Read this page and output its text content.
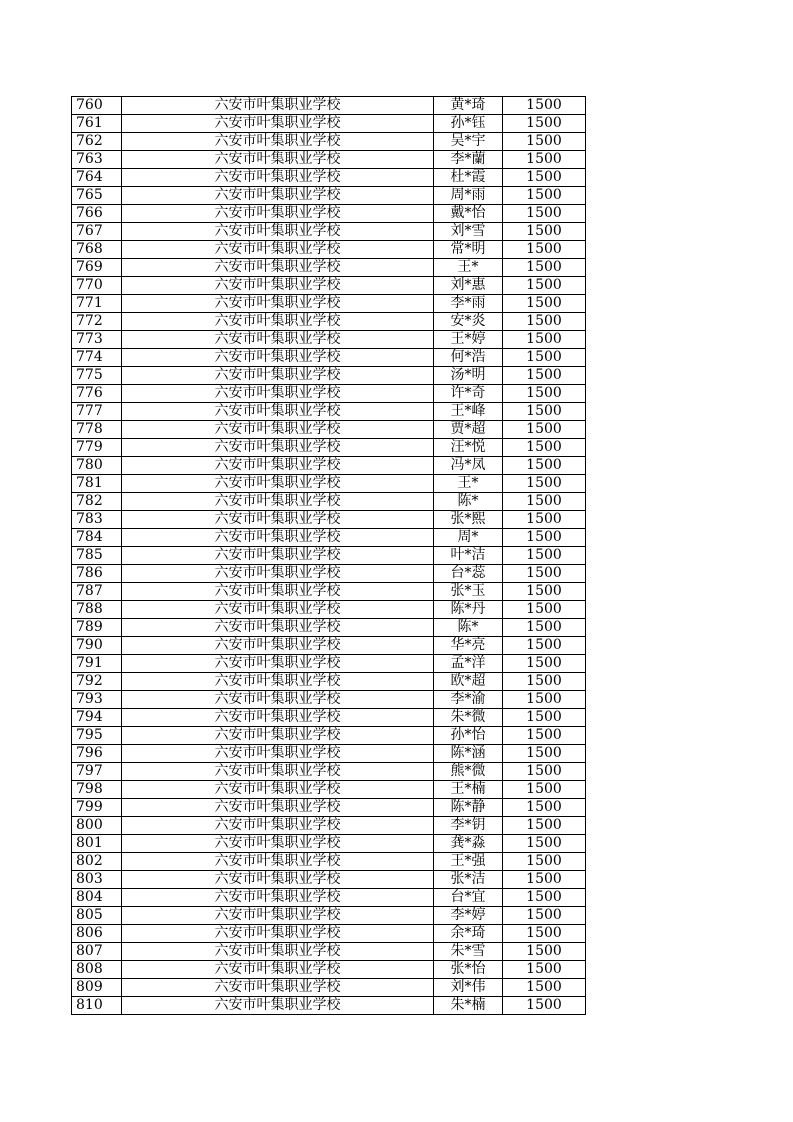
760	六安市叶集职业学校	黄*琦	1500
761	六安市叶集职业学校	孙*钰	1500
762	六安市叶集职业学校	吴*宇	1500
763	六安市叶集职业学校	李*蘭	1500
764	六安市叶集职业学校	杜*霞	1500
765	六安市叶集职业学校	周*雨	1500
766	六安市叶集职业学校	戴*怡	1500
767	六安市叶集职业学校	刘*雪	1500
768	六安市叶集职业学校	常*明	1500
769	六安市叶集职业学校	王*	1500
770	六安市叶集职业学校	刘*惠	1500
771	六安市叶集职业学校	李*雨	1500
772	六安市叶集职业学校	安*炎	1500
773	六安市叶集职业学校	王*婷	1500
774	六安市叶集职业学校	何*浩	1500
775	六安市叶集职业学校	汤*明	1500
776	六安市叶集职业学校	许*奇	1500
777	六安市叶集职业学校	王*峰	1500
778	六安市叶集职业学校	贾*超	1500
779	六安市叶集职业学校	汪*悦	1500
780	六安市叶集职业学校	冯*凤	1500
781	六安市叶集职业学校	王*	1500
782	六安市叶集职业学校	陈*	1500
783	六安市叶集职业学校	张*熙	1500
784	六安市叶集职业学校	周*	1500
785	六安市叶集职业学校	叶*洁	1500
786	六安市叶集职业学校	台*蕊	1500
787	六安市叶集职业学校	张*玉	1500
788	六安市叶集职业学校	陈*丹	1500
789	六安市叶集职业学校	陈*	1500
790	六安市叶集职业学校	华*亮	1500
791	六安市叶集职业学校	孟*洋	1500
792	六安市叶集职业学校	欧*超	1500
793	六安市叶集职业学校	李*渝	1500
794	六安市叶集职业学校	朱*微	1500
795	六安市叶集职业学校	孙*怡	1500
796	六安市叶集职业学校	陈*涵	1500
797	六安市叶集职业学校	熊*微	1500
798	六安市叶集职业学校	王*楠	1500
799	六安市叶集职业学校	陈*静	1500
800	六安市叶集职业学校	李*钥	1500
801	六安市叶集职业学校	龚*淼	1500
802	六安市叶集职业学校	王*强	1500
803	六安市叶集职业学校	张*洁	1500
804	六安市叶集职业学校	台*宜	1500
805	六安市叶集职业学校	李*婷	1500
806	六安市叶集职业学校	余*琦	1500
807	六安市叶集职业学校	朱*雪	1500
808	六安市叶集职业学校	张*怡	1500
809	六安市叶集职业学校	刘*伟	1500
810	六安市叶集职业学校	朱*楠	1500
